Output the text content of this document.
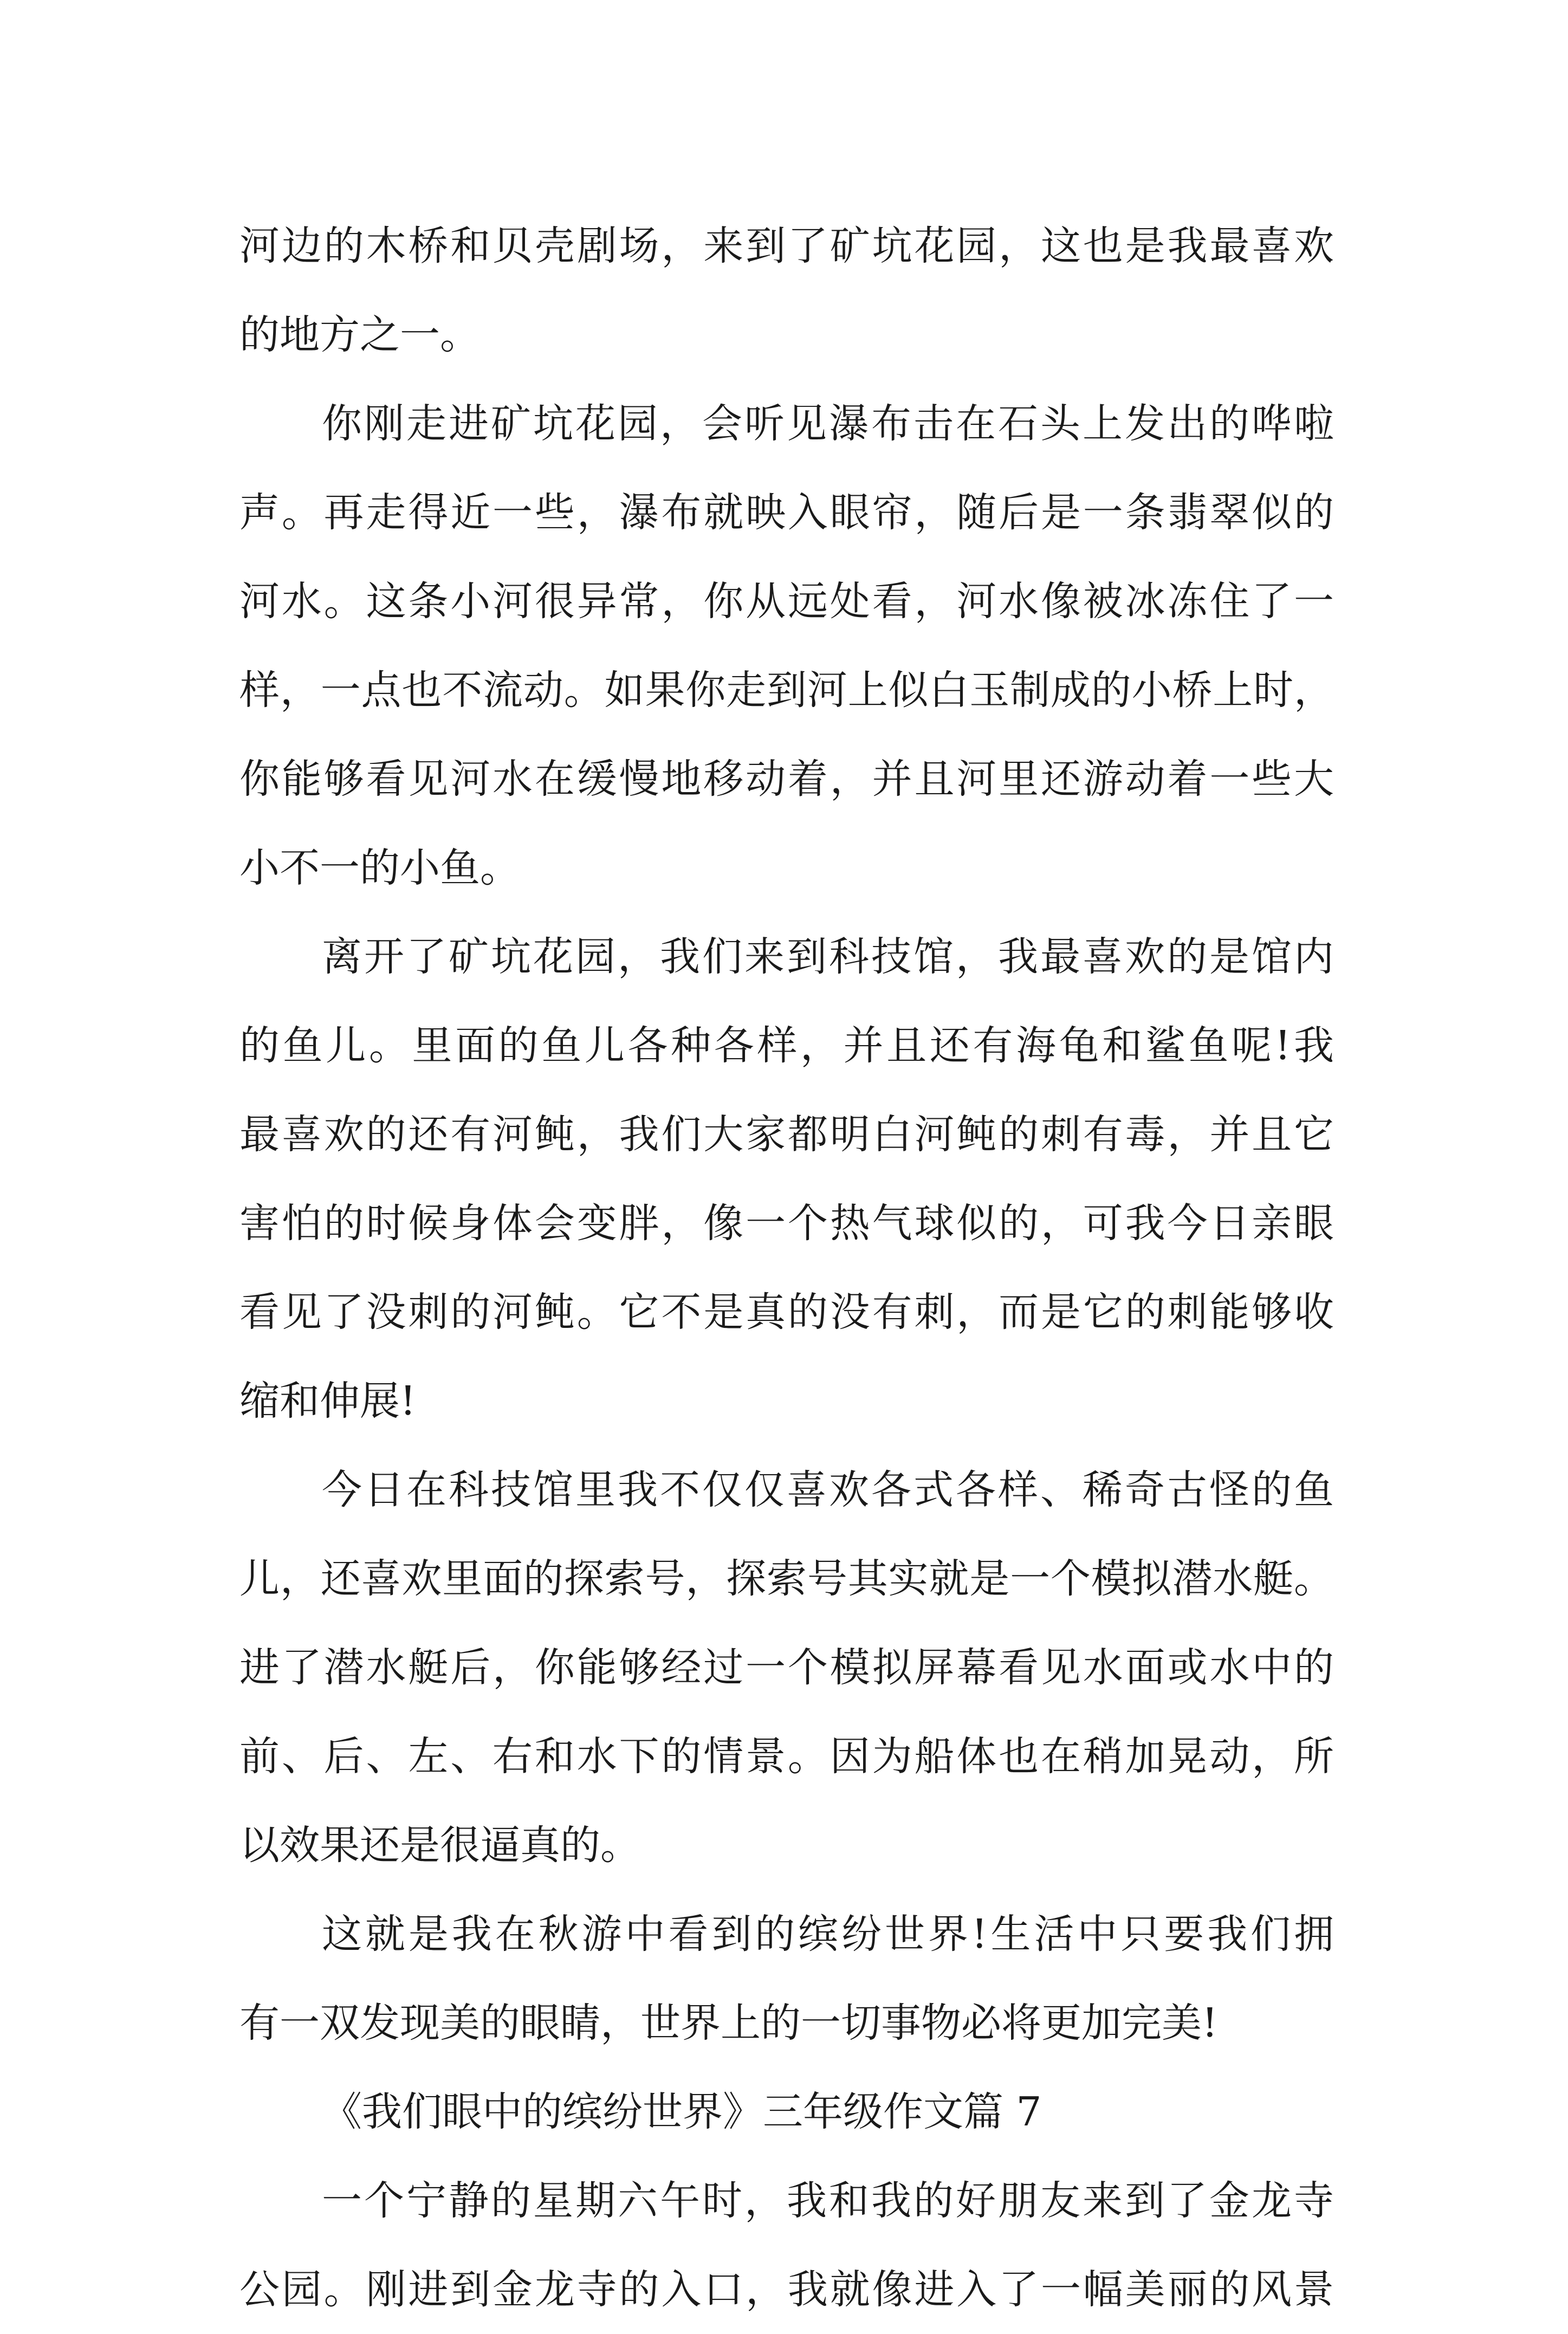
河边的木桥和贝壳剧场，来到了矿坑花园，这也是我最喜欢
的地方之一。
你刚走进矿坑花园，会听见瀑布击在石头上发出的哗啦
声。再走得近一些，瀑布就映入眼帘，随后是一条翡翠似的
河水。这条小河很异常，你从远处看，河水像被冰冻住了一
样，一点也不流动。如果你走到河上似白玉制成的小桥上时，
你能够看见河水在缓慢地移动着，并且河里还游动着一些大
小不一的小鱼。
离开了矿坑花园，我们来到科技馆，我最喜欢的是馆内
的鱼儿。里面的鱼儿各种各样，并且还有海龟和鲨鱼呢!我
最喜欢的还有河鲀，我们大家都明白河鲀的刺有毒，并且它
害怕的时候身体会变胖，像一个热气球似的，可我今日亲眼
看见了没刺的河鲀。它不是真的没有刺，而是它的刺能够收
缩和伸展!
今日在科技馆里我不仅仅喜欢各式各样、稀奇古怪的鱼
儿，还喜欢里面的探索号，探索号其实就是一个模拟潜水艇。
进了潜水艇后，你能够经过一个模拟屏幕看见水面或水中的
前、后、左、右和水下的情景。因为船体也在稍加晃动，所
以效果还是很逼真的。
这就是我在秋游中看到的缤纷世界!生活中只要我们拥
有一双发现美的眼睛，世界上的一切事物必将更加完美!
《我们眼中的缤纷世界》三年级作文篇 7
一个宁静的星期六午时，我和我的好朋友来到了金龙寺
公园。刚进到金龙寺的入口，我就像进入了一幅美丽的风景
